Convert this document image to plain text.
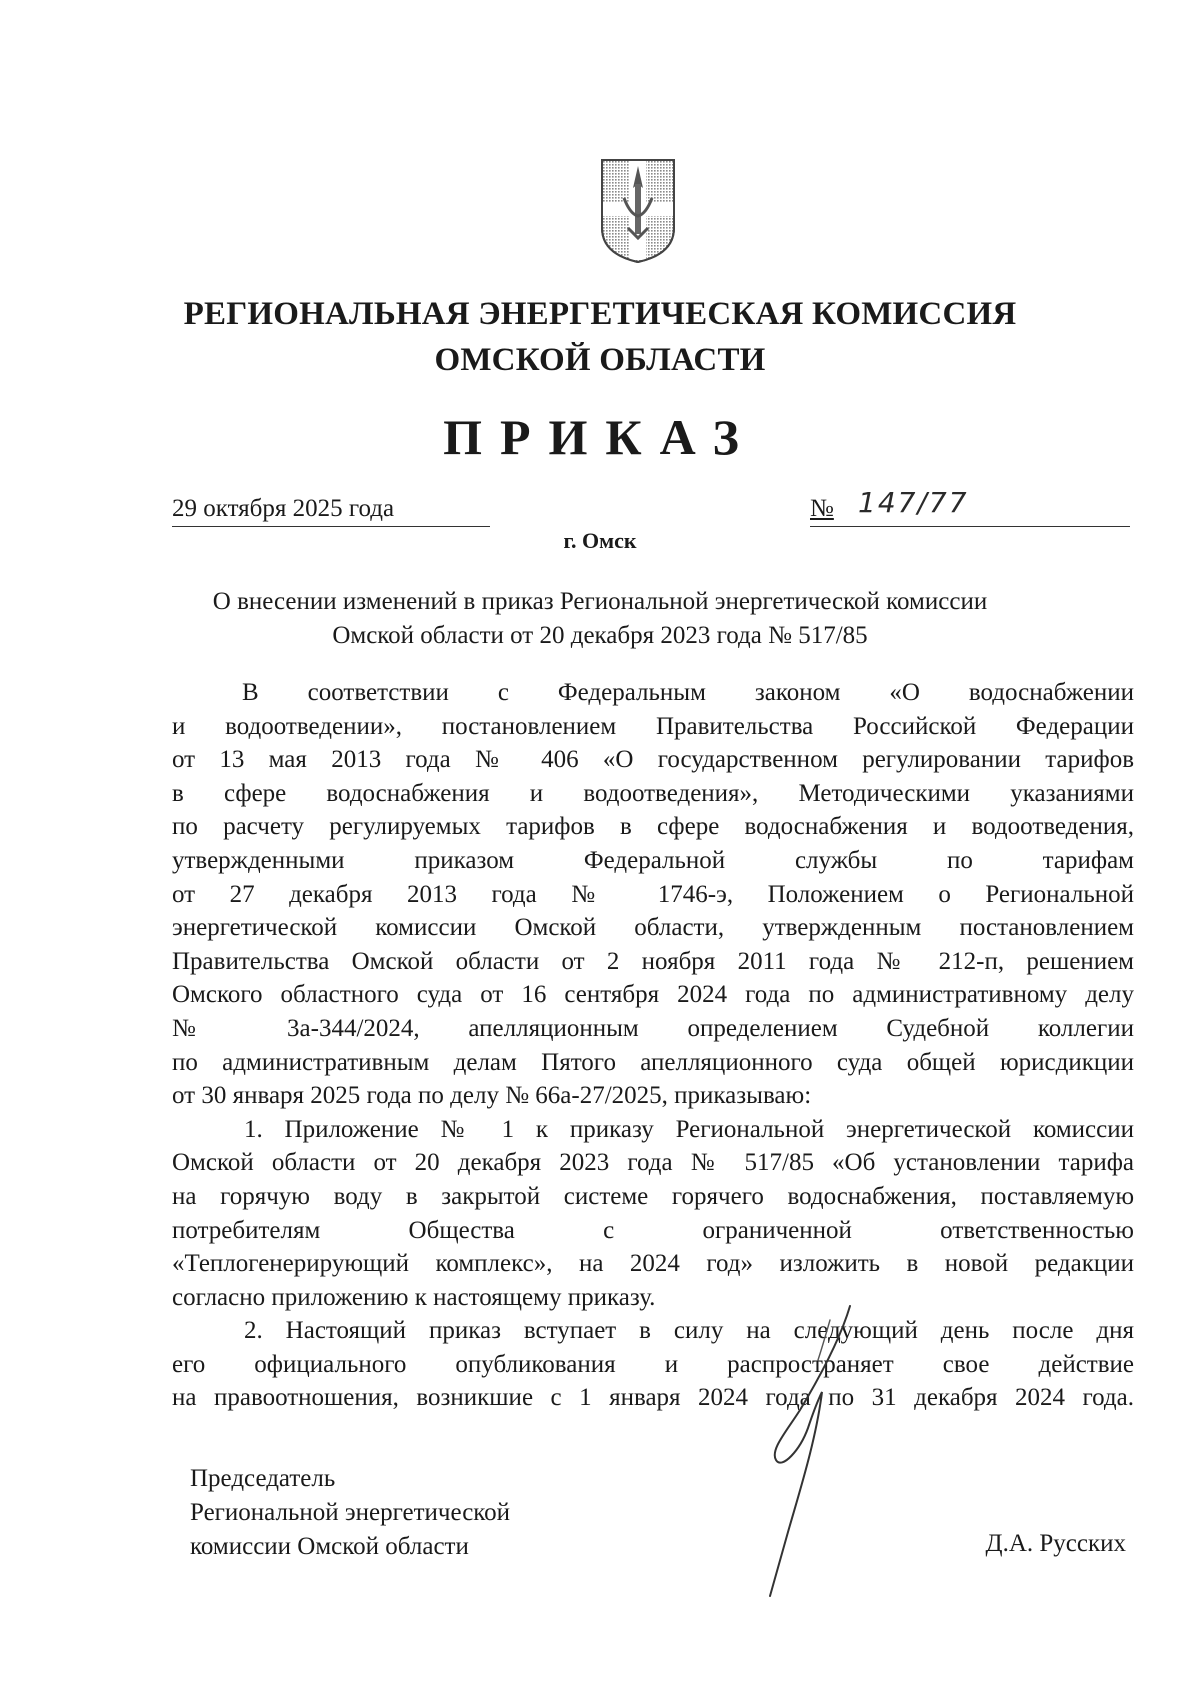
РЕГИОНАЛЬНАЯ ЭНЕРГЕТИЧЕСКАЯ КОМИССИЯ
ОМСКОЙ ОБЛАСТИ
ПРИКАЗ
29 октября 2025 года	№ 147/77
г. Омск
О внесении изменений в приказ Региональной энергетической комиссии
Омской области от 20 декабря 2023 года № 517/85
В соответствии с Федеральным законом «О водоснабжении
и водоотведении», постановлением Правительства Российской Федерации
от 13 мая 2013 года № 406 «О государственном регулировании тарифов
в сфере водоснабжения и водоотведения», Методическими указаниями
по расчету регулируемых тарифов в сфере водоснабжения и водоотведения,
утвержденными приказом Федеральной службы по тарифам
от 27 декабря 2013 года № 1746-э, Положением о Региональной
энергетической комиссии Омской области, утвержденным постановлением
Правительства Омской области от 2 ноября 2011 года № 212-п, решением
Омского областного суда от 16 сентября 2024 года по административному делу
№ 3а-344/2024, апелляционным определением Судебной коллегии
по административным делам Пятого апелляционного суда общей юрисдикции
от 30 января 2025 года по делу № 66а-27/2025, приказываю:
1. Приложение № 1 к приказу Региональной энергетической комиссии
Омской области от 20 декабря 2023 года № 517/85 «Об установлении тарифа
на горячую воду в закрытой системе горячего водоснабжения, поставляемую
потребителям Общества с ограниченной ответственностью
«Теплогенерирующий комплекс», на 2024 год» изложить в новой редакции
согласно приложению к настоящему приказу.
2. Настоящий приказ вступает в силу на следующий день после дня
его официального опубликования и распространяет свое действие
на правоотношения, возникшие с 1 января 2024 года по 31 декабря 2024 года.
Председатель
Региональной энергетической
комиссии Омской области	Д.А. Русских
